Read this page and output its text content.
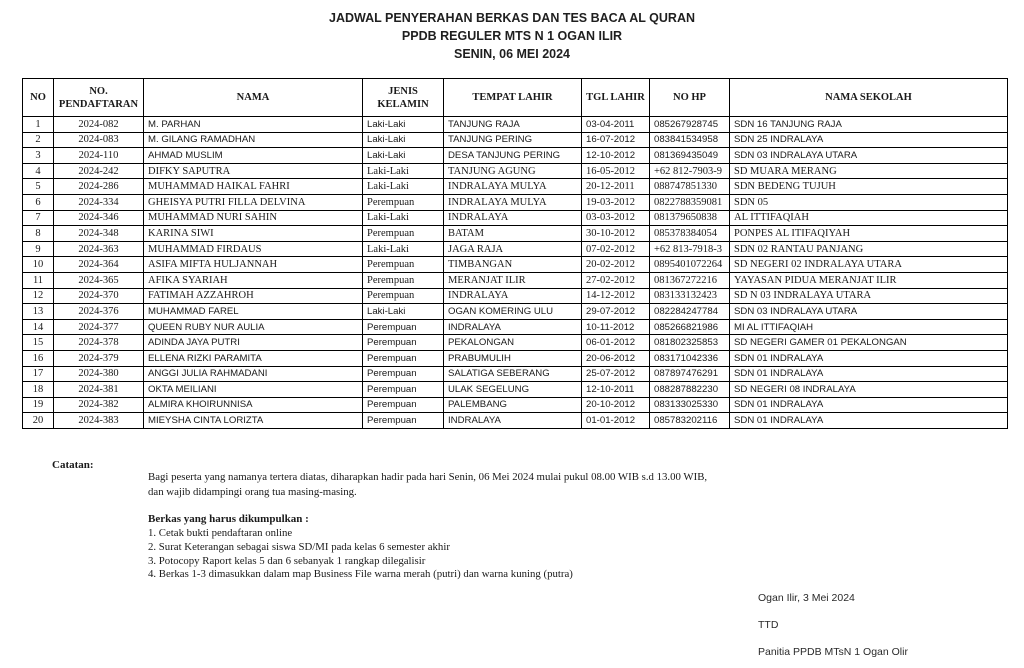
JADWAL PENYERAHAN BERKAS DAN TES BACA AL QURAN
PPDB REGULER MTS N 1 OGAN ILIR
SENIN, 06 MEI 2024
NO	NO. PENDAFTARAN	NAMA	JENIS KELAMIN	TEMPAT LAHIR	TGL LAHIR	NO HP	NAMA SEKOLAH
1	2024-082	M. PARHAN	Laki-Laki	TANJUNG RAJA	03-04-2011	085267928745	SDN 16 TANJUNG RAJA
2	2024-083	M. GILANG RAMADHAN	Laki-Laki	TANJUNG PERING	16-07-2012	083841534958	SDN 25 INDRALAYA
3	2024-110	AHMAD MUSLIM	Laki-Laki	DESA TANJUNG PERING	12-10-2012	081369435049	SDN 03 INDRALAYA UTARA
4	2024-242	DIFKY SAPUTRA	Laki-Laki	TANJUNG AGUNG	16-05-2012	+62 812-7903-9	SD MUARA MERANG
5	2024-286	MUHAMMAD HAIKAL FAHRI	Laki-Laki	INDRALAYA MULYA	20-12-2011	088747851330	SDN BEDENG TUJUH
6	2024-334	GHEISYA PUTRI FILLA DELVINA	Perempuan	INDRALAYA MULYA	19-03-2012	0822788359081	SDN 05
7	2024-346	MUHAMMAD NURI SAHIN	Laki-Laki	INDRALAYA	03-03-2012	081379650838	AL ITTIFAQIAH
8	2024-348	KARINA SIWI	Perempuan	BATAM	30-10-2012	085378384054	PONPES AL ITIFAQIYAH
9	2024-363	MUHAMMAD FIRDAUS	Laki-Laki	JAGA RAJA	07-02-2012	+62 813-7918-3	SDN 02 RANTAU PANJANG
10	2024-364	ASIFA MIFTA HULJANNAH	Perempuan	TIMBANGAN	20-02-2012	0895401072264	SD NEGERI 02 INDRALAYA UTARA
11	2024-365	AFIKA SYARIAH	Perempuan	MERANJAT ILIR	27-02-2012	081367272216	YAYASAN PIDUA MERANJAT ILIR
12	2024-370	FATIMAH AZZAHROH	Perempuan	INDRALAYA	14-12-2012	083133132423	SD N 03 INDRALAYA UTARA
13	2024-376	MUHAMMAD FAREL	Laki-Laki	OGAN KOMERING ULU	29-07-2012	082284247784	SDN 03 INDRALAYA UTARA
14	2024-377	QUEEN RUBY NUR AULIA	Perempuan	INDRALAYA	10-11-2012	085266821986	MI AL ITTIFAQIAH
15	2024-378	ADINDA JAYA PUTRI	Perempuan	PEKALONGAN	06-01-2012	081802325853	SD NEGERI GAMER 01 PEKALONGAN
16	2024-379	ELLENA RIZKI PARAMITA	Perempuan	PRABUMULIH	20-06-2012	083171042336	SDN 01 INDRALAYA
17	2024-380	ANGGI JULIA RAHMADANI	Perempuan	SALATIGA SEBERANG	25-07-2012	087897476291	SDN 01 INDRALAYA
18	2024-381	OKTA MEILIANI	Perempuan	ULAK SEGELUNG	12-10-2011	088287882230	SD NEGERI 08 INDRALAYA
19	2024-382	ALMIRA KHOIRUNNISA	Perempuan	PALEMBANG	20-10-2012	083133025330	SDN 01 INDRALAYA
20	2024-383	MIEYSHA CINTA LORIZTA	Perempuan	INDRALAYA	01-01-2012	085783202116	SDN 01 INDRALAYA
Catatan:
Bagi peserta yang namanya tertera diatas, diharapkan hadir pada hari Senin, 06 Mei 2024 mulai pukul 08.00 WIB s.d 13.00 WIB,
dan wajib didampingi orang tua masing-masing.
Berkas yang harus dikumpulkan :
1. Cetak bukti pendaftaran online
2. Surat Keterangan sebagai siswa SD/MI pada kelas 6 semester akhir
3. Potocopy Raport kelas 5 dan 6 sebanyak 1 rangkap dilegalisir
4. Berkas 1-3 dimasukkan dalam map Business File warna merah (putri) dan warna kuning (putra)
Ogan Ilir, 3 Mei 2024
TTD
Panitia PPDB MTsN 1 Ogan Olir
